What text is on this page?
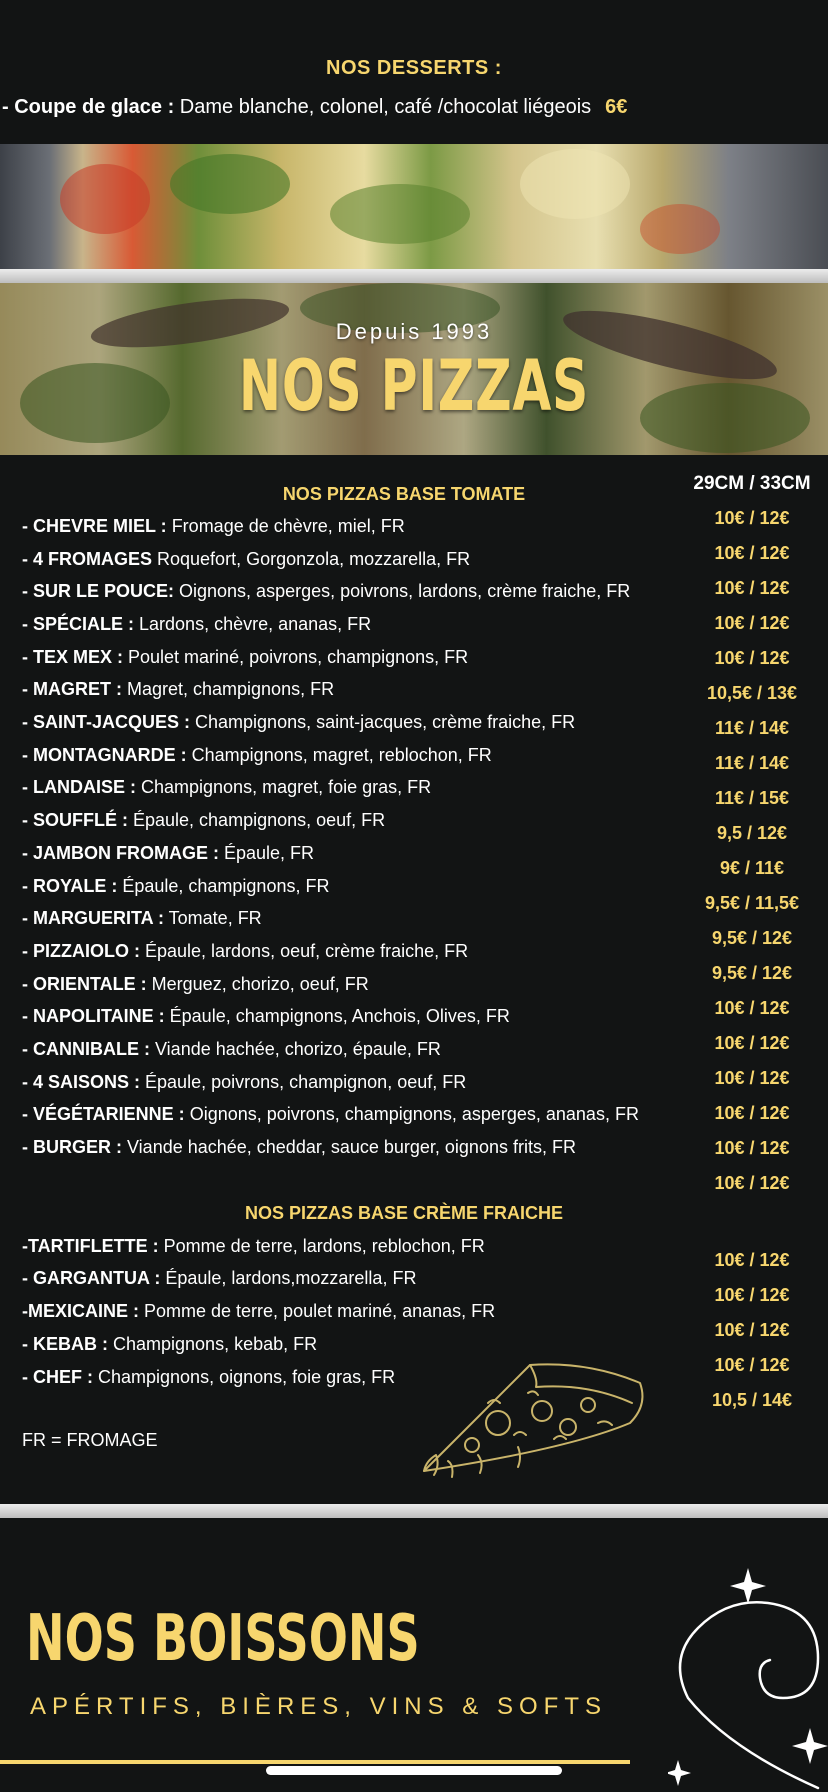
NOS DESSERTS :
- Coupe de glace : Dame blanche, colonel, café /chocolat liégeois 6€
Depuis 1993
NOS PIZZAS
29CM / 33CM
NOS PIZZAS BASE TOMATE
- CHEVRE MIEL : Fromage de chèvre, miel, FR
- 4 FROMAGES Roquefort, Gorgonzola, mozzarella, FR
- SUR LE POUCE: Oignons, asperges, poivrons, lardons, crème fraiche, FR
- SPÉCIALE : Lardons, chèvre, ananas, FR
- TEX MEX : Poulet mariné, poivrons, champignons, FR
- MAGRET : Magret, champignons, FR
- SAINT-JACQUES : Champignons, saint-jacques, crème fraiche, FR
- MONTAGNARDE : Champignons, magret, reblochon, FR
- LANDAISE : Champignons, magret, foie gras, FR
- SOUFFLÉ : Épaule, champignons, oeuf, FR
- JAMBON FROMAGE : Épaule, FR
- ROYALE : Épaule, champignons, FR
- MARGUERITA : Tomate, FR
- PIZZAIOLO : Épaule, lardons, oeuf, crème fraiche, FR
- ORIENTALE : Merguez, chorizo, oeuf, FR
- NAPOLITAINE : Épaule, champignons, Anchois, Olives, FR
- CANNIBALE : Viande hachée, chorizo, épaule, FR
- 4 SAISONS : Épaule, poivrons, champignon, oeuf, FR
- VÉGÉTARIENNE : Oignons, poivrons, champignons, asperges, ananas, FR
- BURGER : Viande hachée, cheddar, sauce burger, oignons frits, FR
10€ / 12€
10€ / 12€
10€ / 12€
10€ / 12€
10€ / 12€
10,5€ / 13€
11€ / 14€
11€ / 14€
11€ / 15€
9,5 / 12€
9€ / 11€
9,5€ / 11,5€
9,5€ / 12€
9,5€ / 12€
10€ / 12€
10€ / 12€
10€ / 12€
10€ / 12€
10€ / 12€
NOS PIZZAS BASE CRÈME FRAICHE
-TARTIFLETTE : Pomme de terre, lardons, reblochon, FR
- GARGANTUA : Épaule, lardons,mozzarella, FR
-MEXICAINE : Pomme de terre, poulet mariné, ananas, FR
- KEBAB : Champignons, kebab, FR
- CHEF : Champignons, oignons, foie gras, FR
10€ / 12€
10€ / 12€
10€ / 12€
10€ / 12€
10€ / 12€
10,5 / 14€
FR = FROMAGE
NOS BOISSONS
APÉRTIFS, BIÈRES, VINS & SOFTS
